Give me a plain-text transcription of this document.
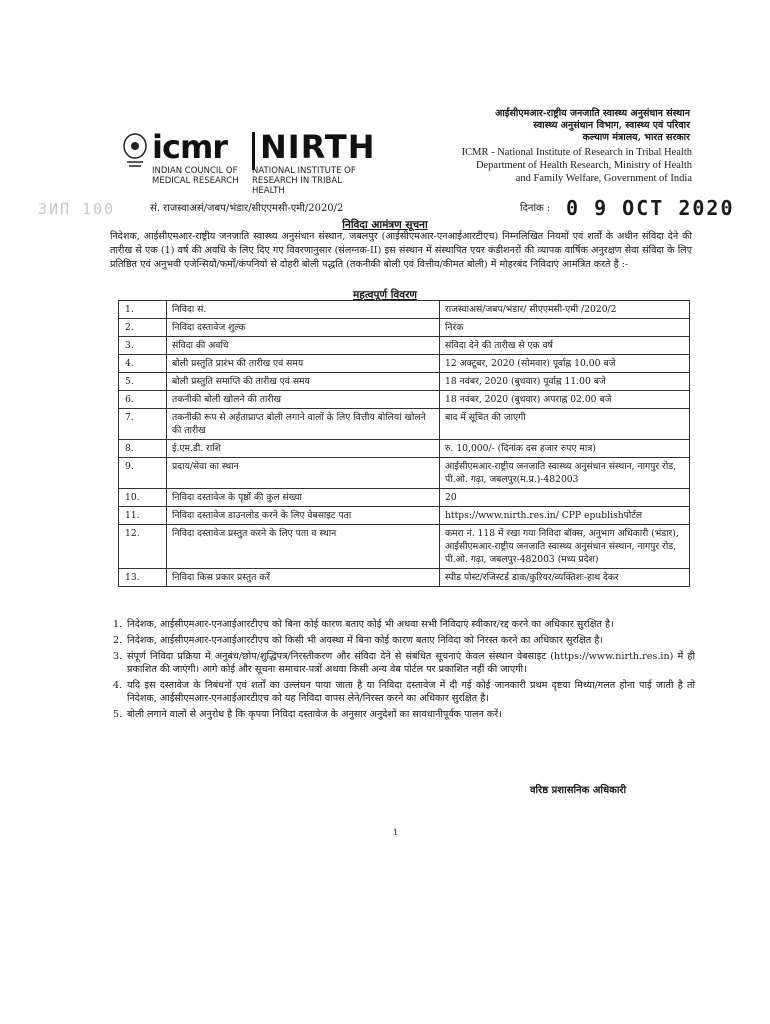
icmr NIRTH
INDIAN COUNCIL OF
MEDICAL RESEARCH
NATIONAL INSTITUTE OF
RESEARCH IN TRIBAL HEALTH
आईसीएमआर-राष्ट्रीय जनजाति स्वास्थ्य अनुसंधान संस्थान
स्वास्थ्य अनुसंधान विभाग, स्वास्थ्य एवं परिवार
कल्याण मंत्रालय, भारत सरकार
ICMR - National Institute of Research in Tribal Health
Department of Health Research, Ministry of Health
and Family Welfare, Government of India
ЗИП 100	सं. राजस्वाअसं/जबप/भंडार/सीएएमसी-एमी/2020/2	दिनांक : 0 9 OCT 2020
निविदा आमंत्रण सूचना
निदेशक, आईसीएमआर-राष्ट्रीय जनजाति स्वास्थ्य अनुसंधान संस्थान, जबलपुर (आईसीएमआर-एनआईआरटीएच) निम्नलिखित नियमों एवं शर्तों के अधीन संविदा देने की तारीख से एक (1) वर्ष की अवधि के लिए दिए गए विवरणानुसार (संलग्नक-II) इस संस्थान में संस्थापित एयर कंडीशनरों की व्यापक वार्षिक अनुरक्षण सेवा संविदा के लिए प्रतिष्ठित एवं अनुभवी एजेन्सियों/फर्मों/कंपनियों से दोहरी बोली पद्धति (तकनीकी बोली एवं वित्तीय/कीमत बोली) में मोहरबंद निविदाएं आमंत्रित करते हैं :-
महत्वपूर्ण विवरण
1.	निविदा सं.	राजस्वाअसं/जबप/भंडार/ सीएएमसी-एमी /2020/2
2.	निविदा दस्तावेज शुल्क	निरंक
3.	संविदा की अवधि	संविदा देने की तारीख से एक वर्ष
4.	बोली प्रस्तुति प्रारंभ की तारीख एवं समय	12 अक्टूबर, 2020 (सोमवार) पूर्वाह्न 10.00 बजे
5.	बोली प्रस्तुति समाप्ति की तारीख एवं समय	18 नवंबर, 2020 (बुधवार) पूर्वाह्न 11.00 बजे
6.	तकनीकी बोली खोलने की तारीख	18 नवंबर, 2020 (बुधवार) अपराह्न 02.00 बजे
7.	तकनीकी रूप से अर्हताप्राप्त बोली लगाने वालों के लिए वित्तीय बोलियां खोलने की तारीख	बाद में सूचित की जाएगी
8.	ई.एम.डी. राशि	रु. 10,000/- (दिनांक दस हजार रुपए मात्र)
9.	प्रदाय/सेवा का स्थान	आईसीएमआर-राष्ट्रीय जनजाति स्वास्थ्य अनुसंधान संस्थान, नागपुर रोड, पी.ओ. गढ़ा, जबलपुर(म.प्र.)-482003
10.	निविदा दस्तावेज के पृष्ठों की कुल संख्या	20
11.	निविदा दस्तावेज डाउनलोड करने के लिए वेबसाइट पता	https://www.nirth.res.in/ CPP epublishपोर्टल
12.	निविदा दस्तावेज प्रस्तुत करने के लिए पता व स्थान	कमरा नं. 118 में रखा गया निविदा बॉक्स, अनुभाग अधिकारी (भंडार), आईसीएमआर-राष्ट्रीय जनजाति स्वास्थ्य अनुसंधान संस्थान, नागपुर रोड, पी.ओ. गढ़ा, जबलपुर-482003 (मध्य प्रदेश)
13.	निविदा किस प्रकार प्रस्तुत करें	स्पीड पोस्ट/रजिस्टर्ड डाक/कुरियर/व्यक्तिशः-हाथ देकर
1. निदेशक, आईसीएमआर-एनआईआरटीएच को बिना कोई कारण बताए कोई भी अथवा सभी निविदाएं स्वीकार/रद्द करने का अधिकार सुरक्षित है।
2. निदेशक, आईसीएमआर-एनआईआरटीएच को किसी भी अवस्था में बिना कोई कारण बताए निविदा को निरस्त करने का अधिकार सुरक्षित है।
3. संपूर्ण निविदा प्रक्रिया में अनुबंध/छोप/शुद्धिपत्र/निरस्तीकरण और संविदा देने से संबंधित सूचनाएं केवल संस्थान वेबसाइट (https://www.nirth.res.in) में ही प्रकाशित की जाएंगी। आगे कोई और सूचना समाचार-पत्रों अथवा किसी अन्य वेब पोर्टल पर प्रकाशित नहीं की जाएगी।
4. यदि इस दस्तावेज के निबंधनों एवं शर्तों का उल्लंघन पाया जाता है या निविदा दस्तावेज में दी गई कोई जानकारी प्रथम दृष्टया मिथ्या/गलत होना पाई जाती है तो निदेशक, आईसीएमआर-एनआईआरटीएच को यह निविदा वापस लेने/निरस्त करने का अधिकार सुरक्षित है।
5. बोली लगाने वालों से अनुरोध है कि कृपया निविदा दस्तावेज के अनुसार अनुदेशों का सावधानीपूर्वक पालन करें।
वरिष्ठ प्रशासनिक अधिकारी
1
